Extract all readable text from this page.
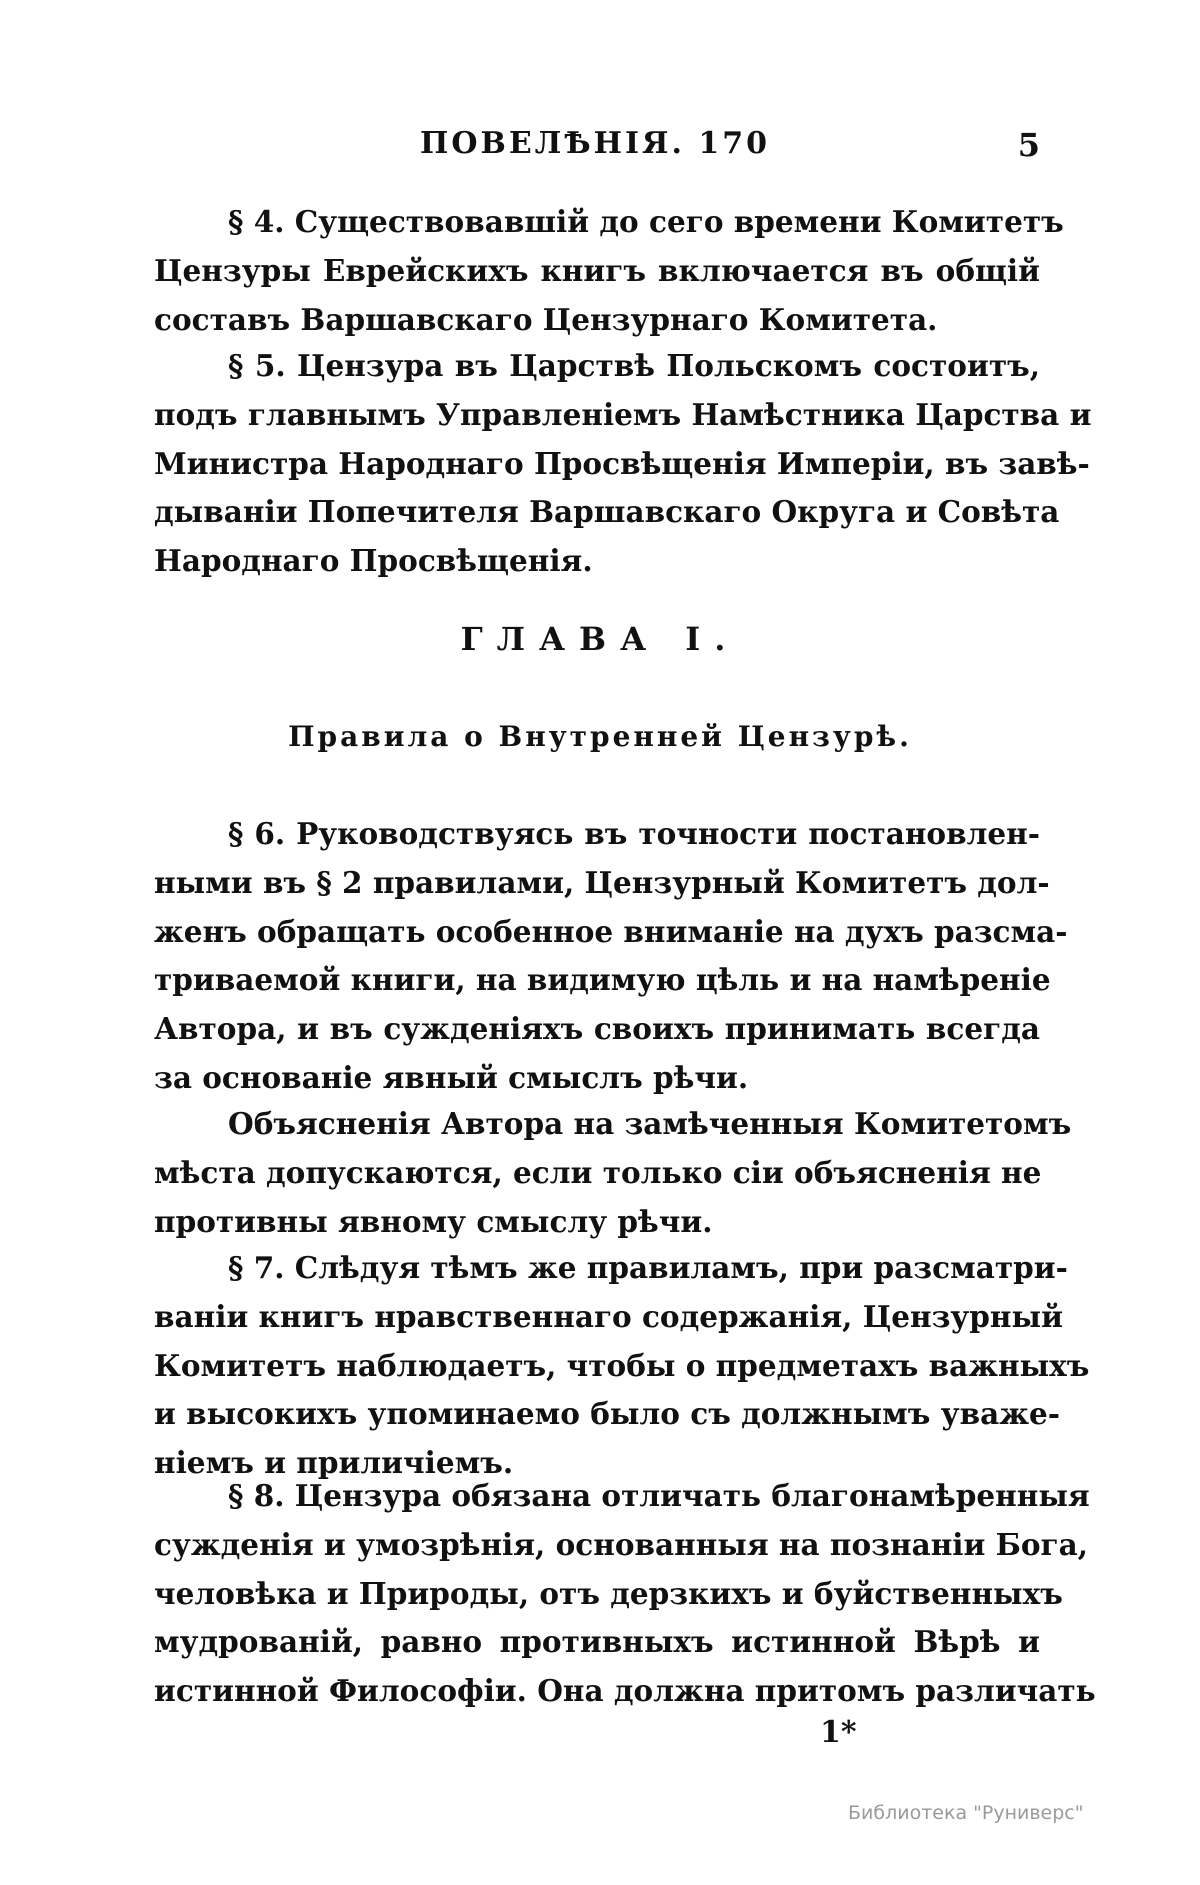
ПОВЕЛѢНІЯ. 170	5
§ 4. Существовавшій до сего времени Комитетъ
Цензуры Еврейскихъ книгъ включается въ общій
составъ Варшавскаго Цензурнаго Комитета.
§ 5. Цензура въ Царствѣ Польскомъ состоитъ,
подъ главнымъ Управленіемъ Намѣстника Царства и
Министра Народнаго Просвѣщенія Имперіи, въ завѣ-
дываніи Попечителя Варшавскаго Округа и Совѣта
Народнаго Просвѣщенія.
ГЛАВА I.
Правила о Внутренней Цензурѣ.
§ 6. Руководствуясь въ точности постановлен-
ными въ § 2 правилами, Цензурный Комитетъ дол-
женъ обращать особенное вниманіе на духъ разсма-
триваемой книги, на видимую цѣль и на намѣреніе
Автора, и въ сужденіяхъ своихъ принимать всегда
за основаніе явный смыслъ рѣчи.
Объясненія Автора на замѣченныя Комитетомъ
мѣста допускаются, если только сіи объясненія не
противны явному смыслу рѣчи.
§ 7. Слѣдуя тѣмъ же правиламъ, при разсматри-
ваніи книгъ нравственнаго содержанія, Цензурный
Комитетъ наблюдаетъ, чтобы о предметахъ важныхъ
и высокихъ упоминаемо было съ должнымъ уваже-
ніемъ и приличіемъ.
§ 8. Цензура обязана отличать благонамѣренныя
сужденія и умозрѣнія, основанныя на познаніи Бога,
человѣка и Природы, отъ дерзкихъ и буйственныхъ
мудрованій, равно противныхъ истинной Вѣрѣ и
истинной Философіи. Она должна притомъ различать
1*
Библиотека "Руниверс"
